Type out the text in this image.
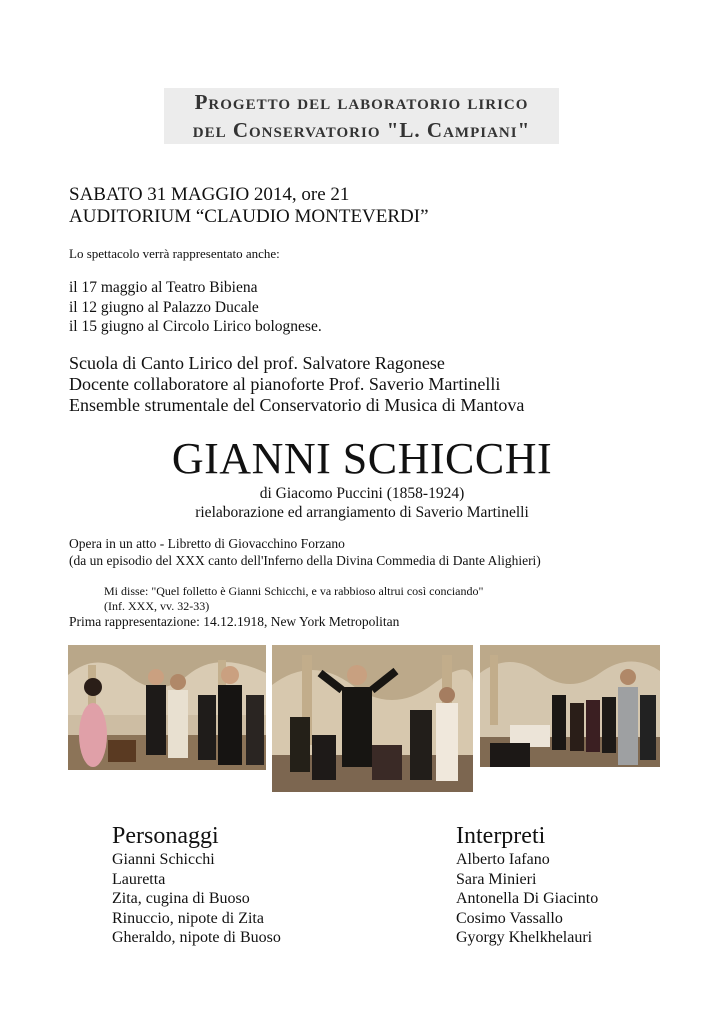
Progetto del laboratorio lirico
del Conservatorio "L. Campiani"
SABATO 31 MAGGIO 2014, ore 21
AUDITORIUM “CLAUDIO MONTEVERDI”
Lo spettacolo verrà rappresentato anche:
il 17 maggio al Teatro Bibiena
il 12 giugno al Palazzo Ducale
il 15 giugno al Circolo Lirico bolognese.
Scuola di Canto Lirico del prof. Salvatore Ragonese
Docente collaboratore al pianoforte Prof. Saverio Martinelli
Ensemble strumentale del Conservatorio di Musica di Mantova
GIANNI SCHICCHI
di Giacomo Puccini (1858-1924)
rielaborazione ed arrangiamento di Saverio Martinelli
Opera in un atto - Libretto di Giovacchino Forzano
(da un episodio del XXX canto dell'Inferno della Divina Commedia di Dante Alighieri)
Mi disse: "Quel folletto è Gianni Schicchi, e va rabbioso altrui così conciando"
(Inf. XXX, vv. 32-33)
Prima rappresentazione: 14.12.1918, New York Metropolitan
Personaggi
Gianni Schicchi
Lauretta
Zita, cugina di Buoso
Rinuccio, nipote di Zita
Gheraldo, nipote di Buoso
Interpreti
Alberto Iafano
Sara Minieri
Antonella Di Giacinto
Cosimo Vassallo
Gyorgy Khelkhelauri
